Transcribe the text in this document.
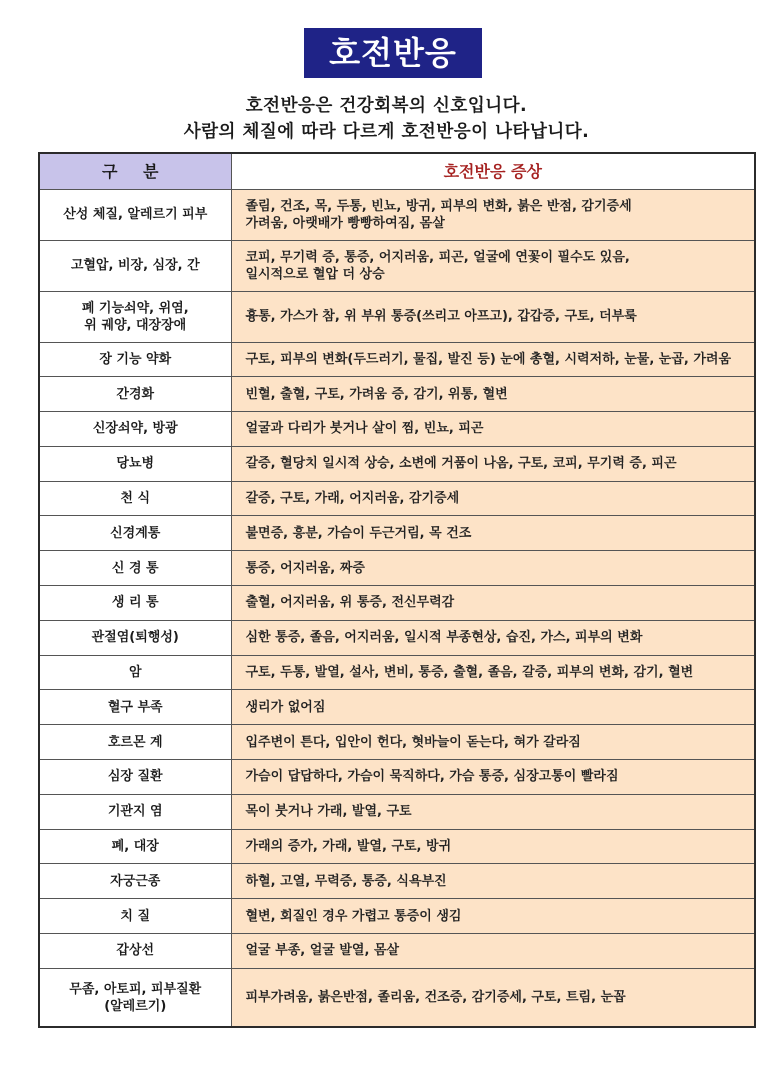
호전반응
호전반응은 건강회복의 신호입니다.
사람의 체질에 따라 다르게 호전반응이 나타납니다.
구 분	호전반응 증상
산성 체질, 알레르기 피부	졸림, 건조, 목, 두통, 빈뇨, 방귀, 피부의 변화, 붉은 반점, 감기증세
가려움, 아랫배가 빵빵하여짐, 몸살
고혈압, 비장, 심장, 간	코피, 무기력 증, 통증, 어지러움, 피곤, 얼굴에 연꽃이 필수도 있음,
일시적으로 혈압 더 상승
폐 기능쇠약, 위염,
위 궤양, 대장장애	흉통, 가스가 참, 위 부위 통증(쓰리고 아프고), 갑갑증, 구토, 더부룩
장 기능 약화	구토, 피부의 변화(두드러기, 물집, 발진 등) 눈에 총혈, 시력저하, 눈물, 눈곱, 가려움
간경화	빈혈, 출혈, 구토, 가려움 증, 감기, 위통, 혈변
신장쇠약, 방광	얼굴과 다리가 붓거나 살이 찜, 빈뇨, 피곤
당뇨병	갈증, 혈당치 일시적 상승, 소변에 거품이 나옴, 구토, 코피, 무기력 증, 피곤
천 식	갈증, 구토, 가래, 어지러움, 감기증세
신경계통	불면증, 흥분, 가슴이 두근거림, 목 건조
신 경 통	통증, 어지러움, 짜증
생 리 통	출혈, 어지러움, 위 통증, 전신무력감
관절염(퇴행성)	심한 통증, 졸음, 어지러움, 일시적 부종현상, 습진, 가스, 피부의 변화
암	구토, 두통, 발열, 설사, 변비, 통증, 출혈, 졸음, 갈증, 피부의 변화, 감기, 혈변
혈구 부족	생리가 없어짐
호르몬 계	입주변이 튼다, 입안이 헌다, 혓바늘이 돋는다, 혀가 갈라짐
심장 질환	가슴이 답답하다, 가슴이 묵직하다, 가슴 통증, 심장고통이 빨라짐
기관지 염	목이 붓거나 가래, 발열, 구토
폐, 대장	가래의 증가, 가래, 발열, 구토, 방귀
자궁근종	하혈, 고열, 무력증, 통증, 식욕부진
치 질	혈변, 회질인 경우 가렵고 통증이 생김
갑상선	얼굴 부종, 얼굴 발열, 몸살
무좀, 아토피, 피부질환
(알레르기)	피부가려움, 붉은반점, 졸리움, 건조증, 감기증세, 구토, 트림, 눈꼽
